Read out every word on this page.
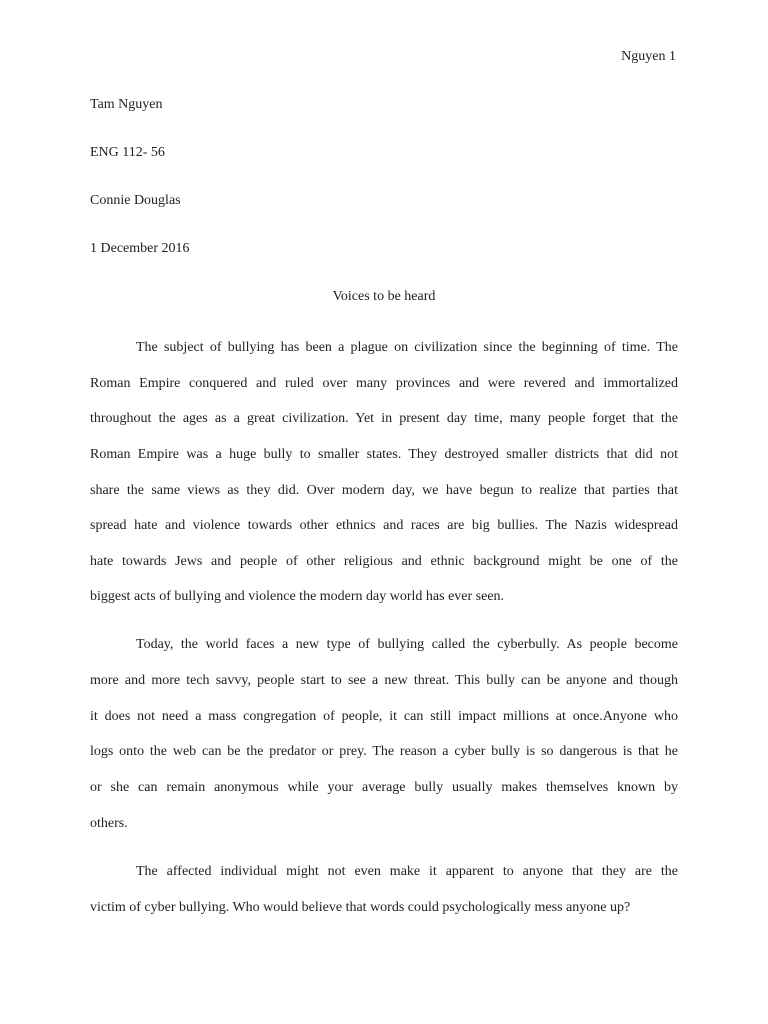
Nguyen 1
Tam Nguyen
ENG 112- 56
Connie Douglas
1 December 2016
Voices to be heard
The subject of bullying has been a plague on civilization since the beginning of time. The
Roman Empire conquered and ruled over many provinces and were revered and immortalized
throughout the ages as a great civilization. Yet in present day time, many people forget that the
Roman Empire was a huge bully to smaller states. They destroyed smaller districts that did not
share the same views as they did. Over modern day, we have begun to realize that parties that
spread hate and violence towards other ethnics and races are big bullies. The Nazis widespread
hate towards Jews and people of other religious and ethnic background might be one of the
biggest acts of bullying and violence the modern day world has ever seen.
Today, the world faces a new type of bullying called the cyberbully. As people become
more and more tech savvy, people start to see a new threat. This bully can be anyone and though
it does not need a mass congregation of people, it can still impact millions at once.Anyone who
logs onto the web can be the predator or prey. The reason a cyber bully is so dangerous is that he
or she can remain anonymous while your average bully usually makes themselves known by
others.
The affected individual might not even make it apparent to anyone that they are the
victim of cyber bullying. Who would believe that words could psychologically mess anyone up?
